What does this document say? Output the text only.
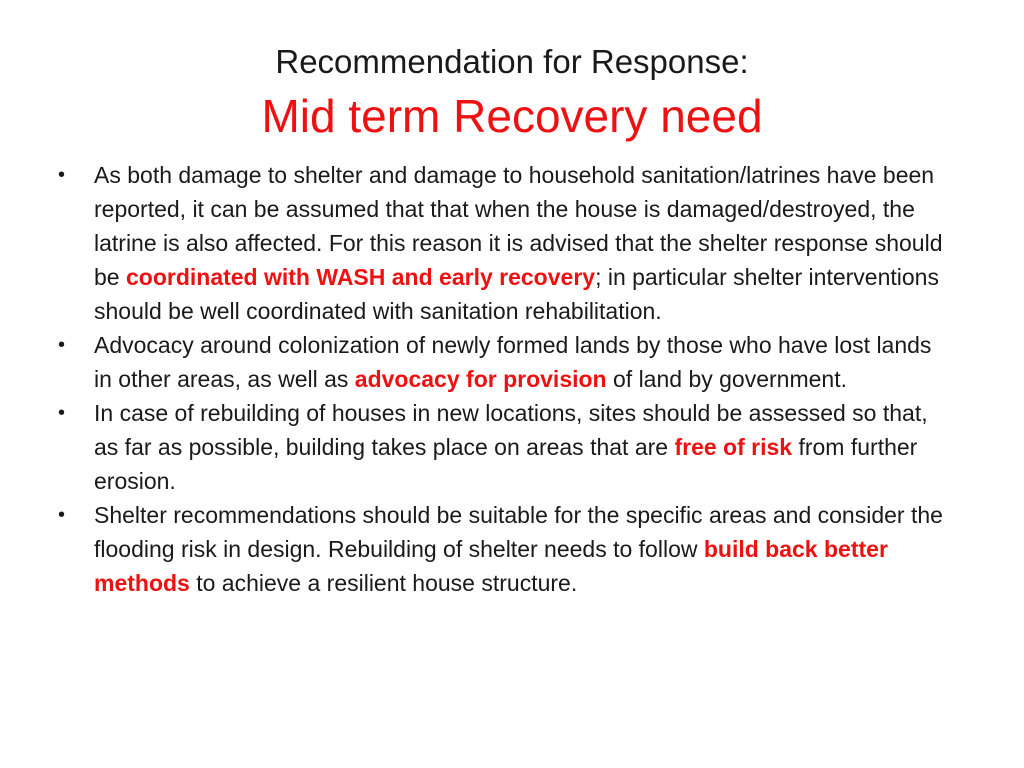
Recommendation for Response:
Mid term Recovery need
•	As both damage to shelter and damage to household sanitation/latrines have been reported, it can be assumed that that when the house is damaged/destroyed, the latrine is also affected. For this reason it is advised that the shelter response should be coordinated with WASH and early recovery; in particular shelter interventions should be well coordinated with sanitation rehabilitation.
•	Advocacy around colonization of newly formed lands by those who have lost lands in other areas, as well as advocacy for provision of land by government.
•	In case of rebuilding of houses in new locations, sites should be assessed so that, as far as possible, building takes place on areas that are free of risk from further erosion.
•	Shelter recommendations should be suitable for the specific areas and consider the flooding risk in design. Rebuilding of shelter needs to follow build back better methods to achieve a resilient house structure.
